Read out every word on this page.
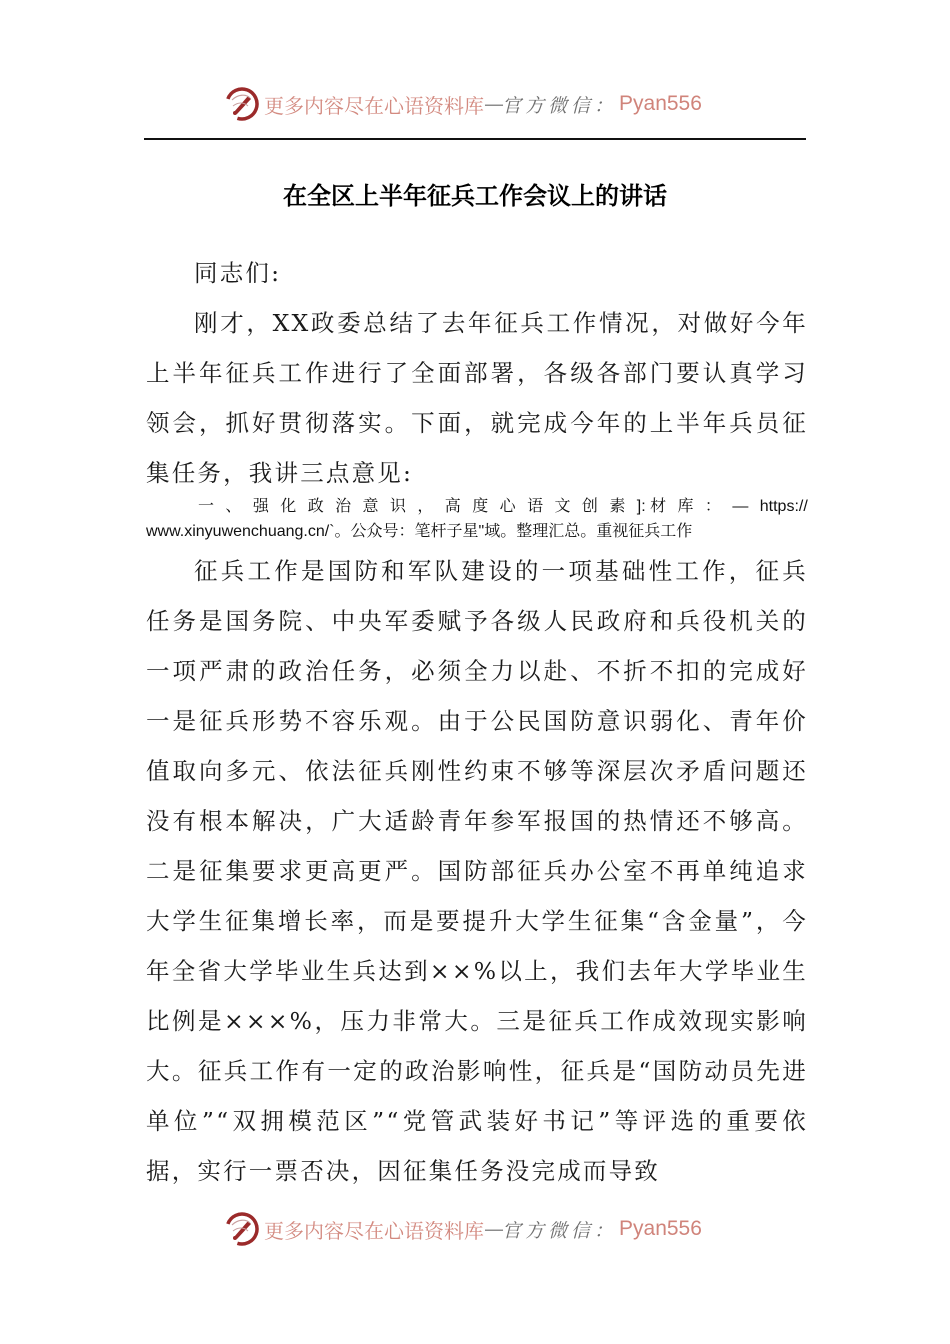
更多内容尽在心语资料库 — 官方微信： Pyan556
在全区上半年征兵工作会议上的讲话

同志们:

刚才，XX政委总结了去年征兵工作情况，对做好今年上半年征兵工作进行了全面部署，各级各部门要认真学习领会，抓好贯彻落实。下面，就完成今年的上半年兵员征集任务，我讲三点意见:

一 、 强 化 政 治 意 识 ， 高 度 心 语 文 创 素 ]: 材 库 ： — https://
www.xinyuwenchuang.cn/`。公众号：笔杆子星"域。整理汇总。重视征兵工作

征兵工作是国防和军队建设的一项基础性工作，征兵任务是国务院、中央军委赋予各级人民政府和兵役机关的一项严肃的政治任务，必须全力以赴、不折不扣的完成好一是征兵形势不容乐观。由于公民国防意识弱化、青年价值取向多元、依法征兵刚性约束不够等深层次矛盾问题还没有根本解决，广大适龄青年参军报国的热情还不够高。二是征集要求更高更严。国防部征兵办公室不再单纯追求大学生征集增长率，而是要提升大学生征集“含金量”，今年全省大学毕业生兵达到××%以上，我们去年大学毕业生比例是×××%，压力非常大。三是征兵工作成效现实影响大。征兵工作有一定的政治影响性，征兵是“国防动员先进单位”“双拥模范区”“党管武装好书记”等评选的重要依据，实行一票否决，因征集任务没完成而导致

更多内容尽在心语资料库 — 官方微信： Pyan556
